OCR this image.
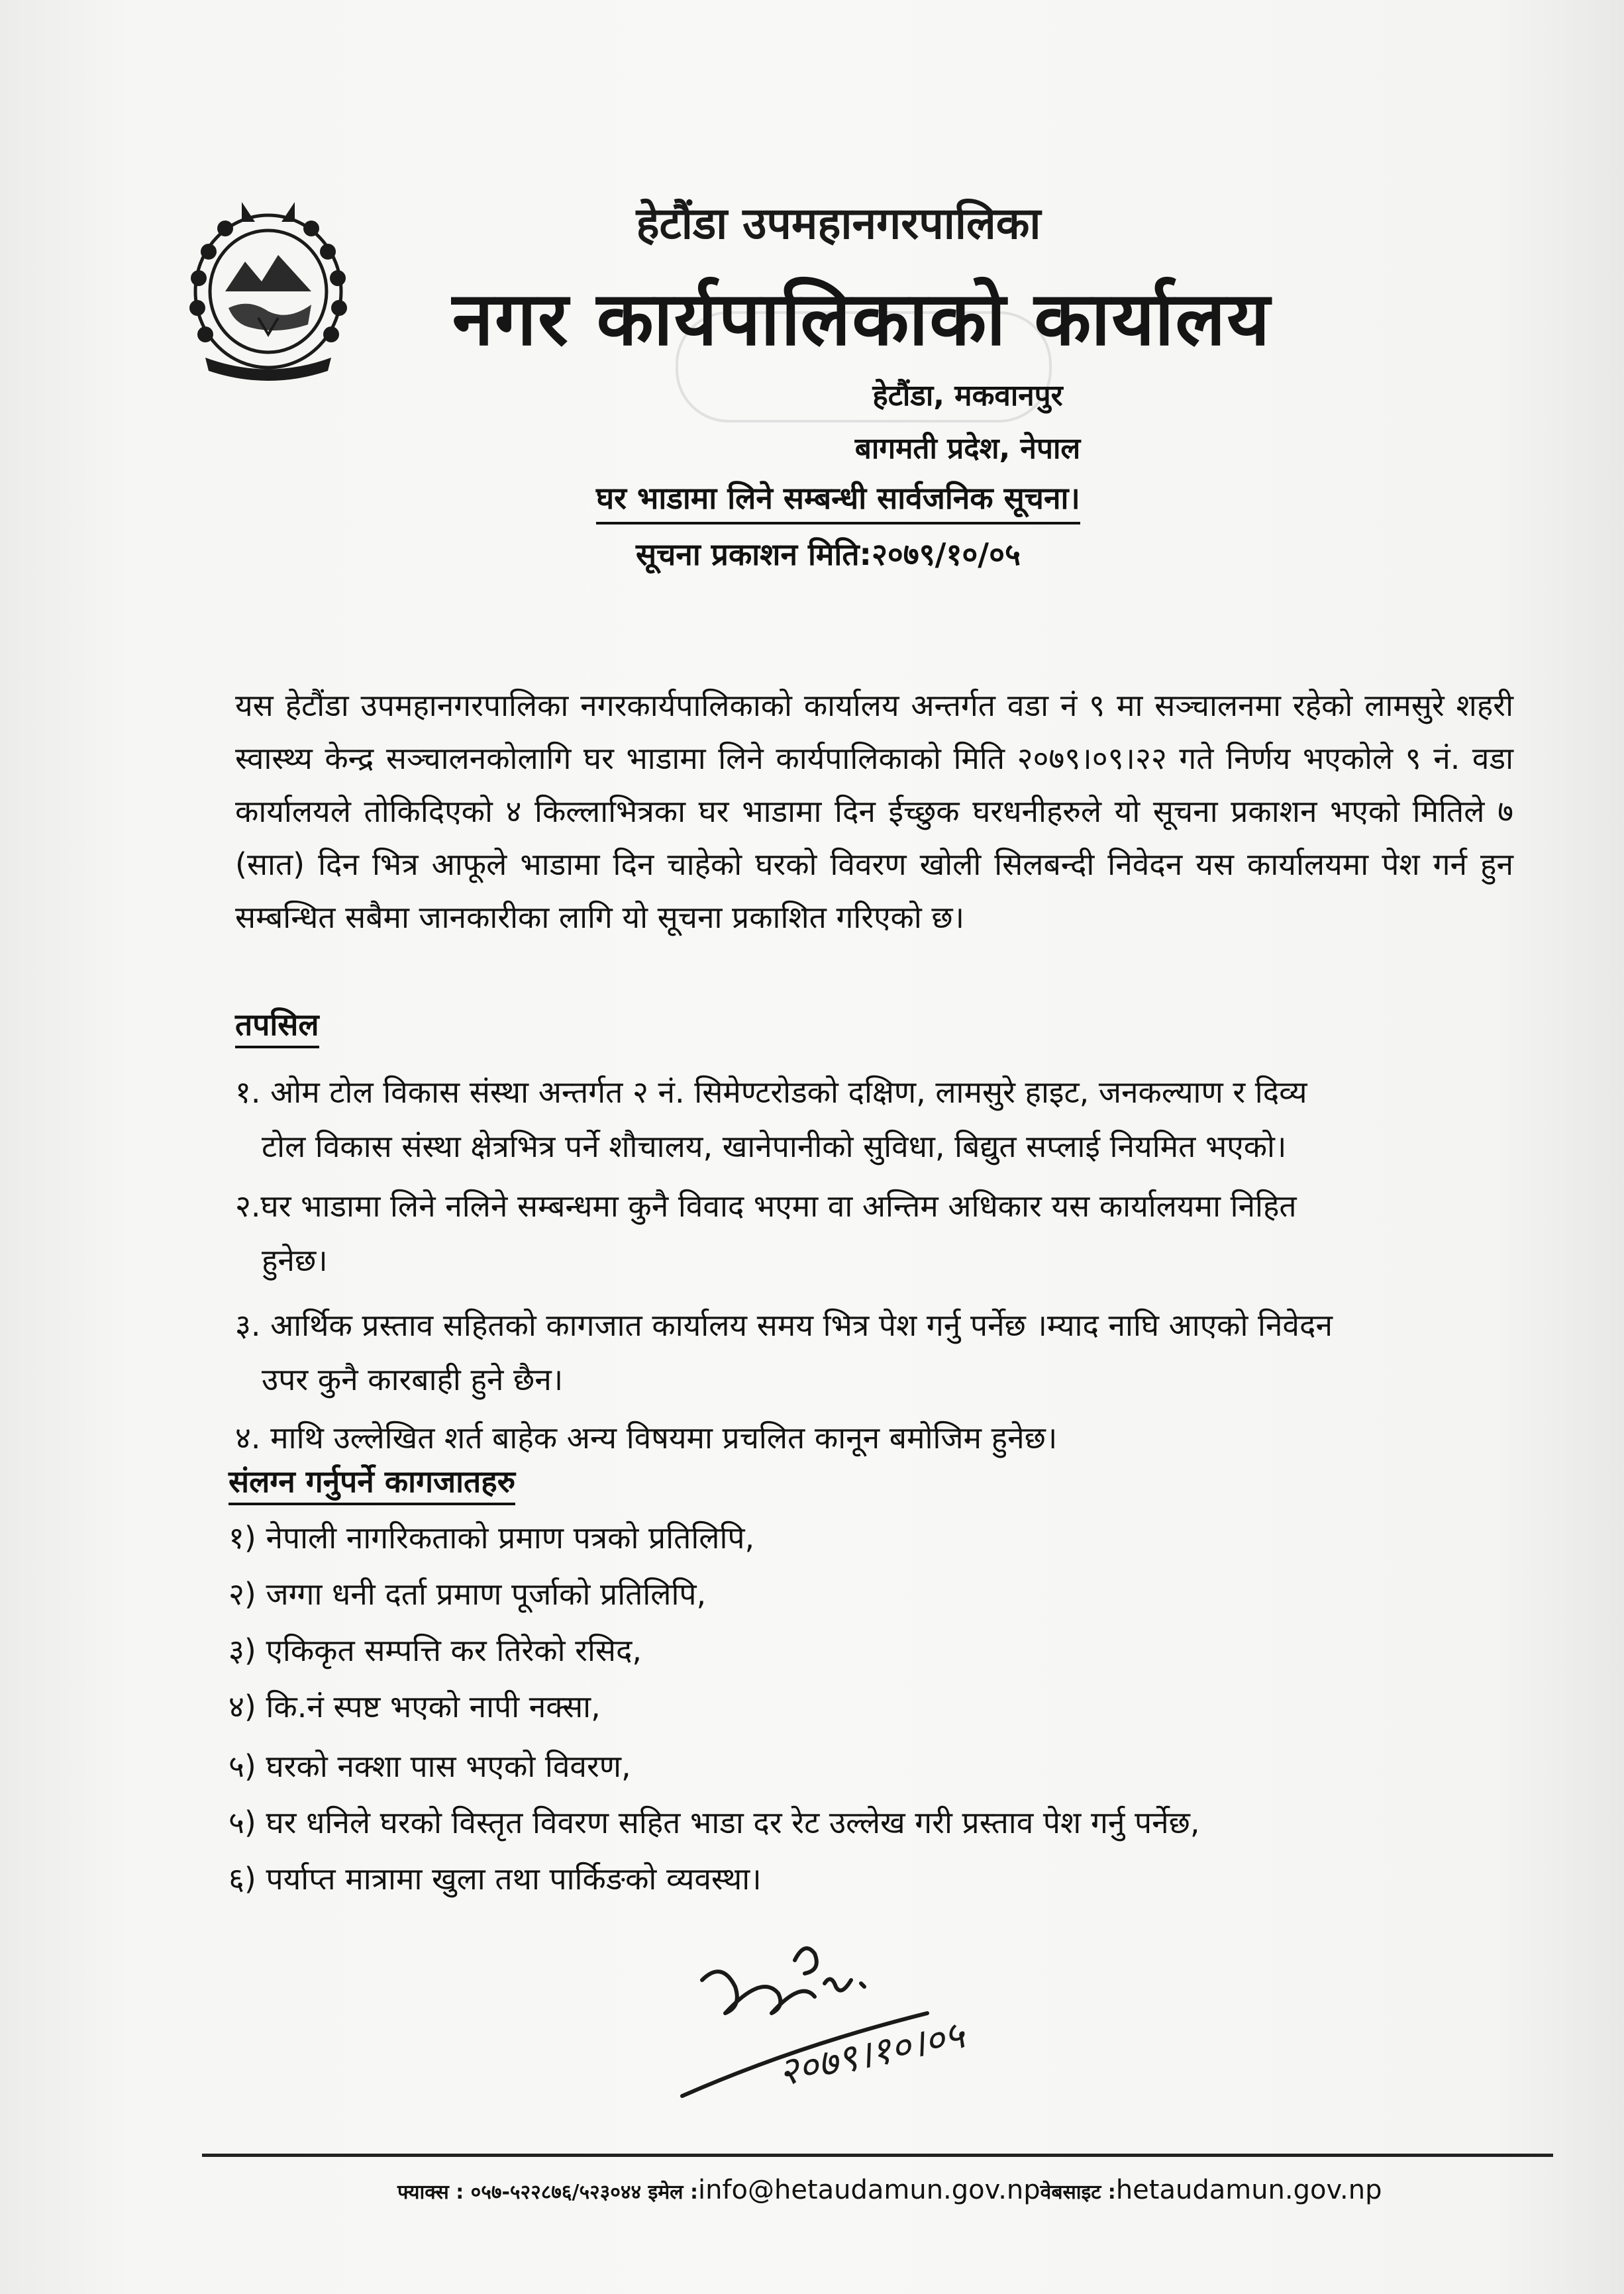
हेटौंडा उपमहानगरपालिका
नगर कार्यपालिकाको कार्यालय
हेटौंडा, मकवानपुर
बागमती प्रदेश, नेपाल
घर भाडामा लिने सम्बन्धी सार्वजनिक सूचना।
सूचना प्रकाशन मिति:२०७९/१०/०५
यस हेटौंडा उपमहानगरपालिका नगरकार्यपालिकाको कार्यालय अन्तर्गत वडा नं ९ मा सञ्चालनमा रहेको लामसुरे शहरी स्वास्थ्य केन्द्र सञ्चालनकोलागि घर भाडामा लिने कार्यपालिकाको मिति २०७९।०९।२२ गते निर्णय भएकोले ९ नं. वडा कार्यालयले तोकिदिएको ४ किल्लाभित्रका घर भाडामा दिन ईच्छुक घरधनीहरुले यो सूचना प्रकाशन भएको मितिले ७ (सात) दिन भित्र आफूले भाडामा दिन चाहेको घरको विवरण खोली सिलबन्दी निवेदन यस कार्यालयमा पेश गर्न हुन सम्बन्धित सबैमा जानकारीका लागि यो सूचना प्रकाशित गरिएको छ।
तपसिल
१. ओम टोल विकास संस्था अन्तर्गत २ नं. सिमेण्टरोडको दक्षिण, लामसुरे हाइट, जनकल्याण र दिव्य
टोल विकास संस्था क्षेत्रभित्र पर्ने शौचालय, खानेपानीको सुविधा, बिद्युत सप्लाई नियमित भएको।
२.घर भाडामा लिने नलिने सम्बन्धमा कुनै विवाद भएमा वा अन्तिम अधिकार यस कार्यालयमा निहित
हुनेछ।
३. आर्थिक प्रस्ताव सहितको कागजात कार्यालय समय भित्र पेश गर्नु पर्नेछ ।म्याद नाघि आएको निवेदन
उपर कुनै कारबाही हुने छैन।
४. माथि उल्लेखित शर्त बाहेक अन्य विषयमा प्रचलित कानून बमोजिम हुनेछ।
संलग्न गर्नुपर्ने कागजातहरु
१) नेपाली नागरिकताको प्रमाण पत्रको प्रतिलिपि,
२) जग्गा धनी दर्ता प्रमाण पूर्जाको प्रतिलिपि,
३) एकिकृत सम्पत्ति कर तिरेको रसिद,
४) कि.नं स्पष्ट भएको नापी नक्सा,
५) घरको नक्शा पास भएको विवरण,
५) घर धनिले घरको विस्तृत विवरण सहित भाडा दर रेट उल्लेख गरी प्रस्ताव पेश गर्नु पर्नेछ,
६) पर्याप्त मात्रामा खुला तथा पार्किङको व्यवस्था।
२०७९।१०।०५
फ्याक्स : ०५७-५२२८७६/५२३०४४ इमेल :info@hetaudamun.gov.npवेबसाइट :hetaudamun.gov.np
